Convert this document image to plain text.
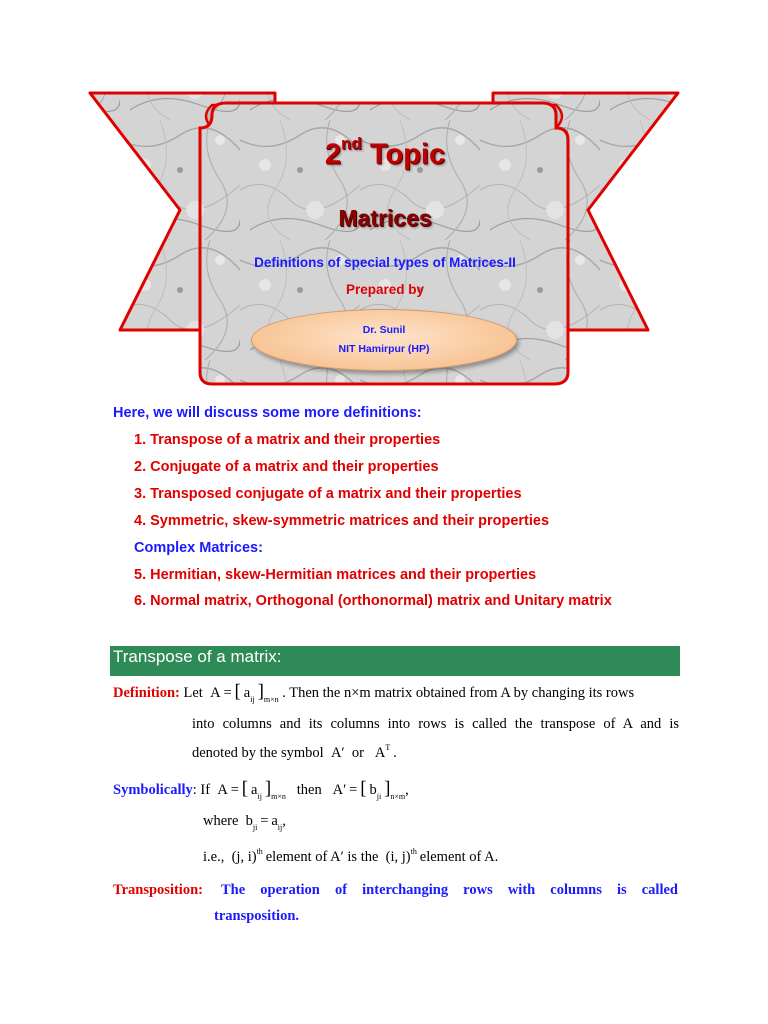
2nd Topic
Matrices
Definitions of special types of Matrices-II
Prepared by
Dr. Sunil
NIT Hamirpur (HP)
Here, we will discuss some more definitions:
1. Transpose of a matrix and their properties
2. Conjugate of a matrix and their properties
3. Transposed conjugate of a matrix and their properties
4. Symmetric, skew-symmetric matrices and their properties
Complex Matrices:
5. Hermitian, skew-Hermitian matrices and their properties
6. Normal matrix, Orthogonal (orthonormal) matrix and Unitary matrix
Transpose of a matrix:
Definition: Let A = [  $a_{ij}$  ]$_{m\times n}$ . Then the n×m matrix obtained from A by changing its rows
into columns and its columns into rows is called the transpose of A and is
denoted by the symbol A′ or $A^T$  .
Symbolically: If A = [  $a_{ij}$  ]$_{m\times n}$ then A′ = [  $b_{ji}$  ]$_{n\times m}$,
where $b_{ji} = a_{ij}$,
i.e., (j, i)$^{th}$  element of A′ is the (i, j)$^{th}$  element of A.
Transposition: The operation of interchanging rows with columns is called
transposition.
